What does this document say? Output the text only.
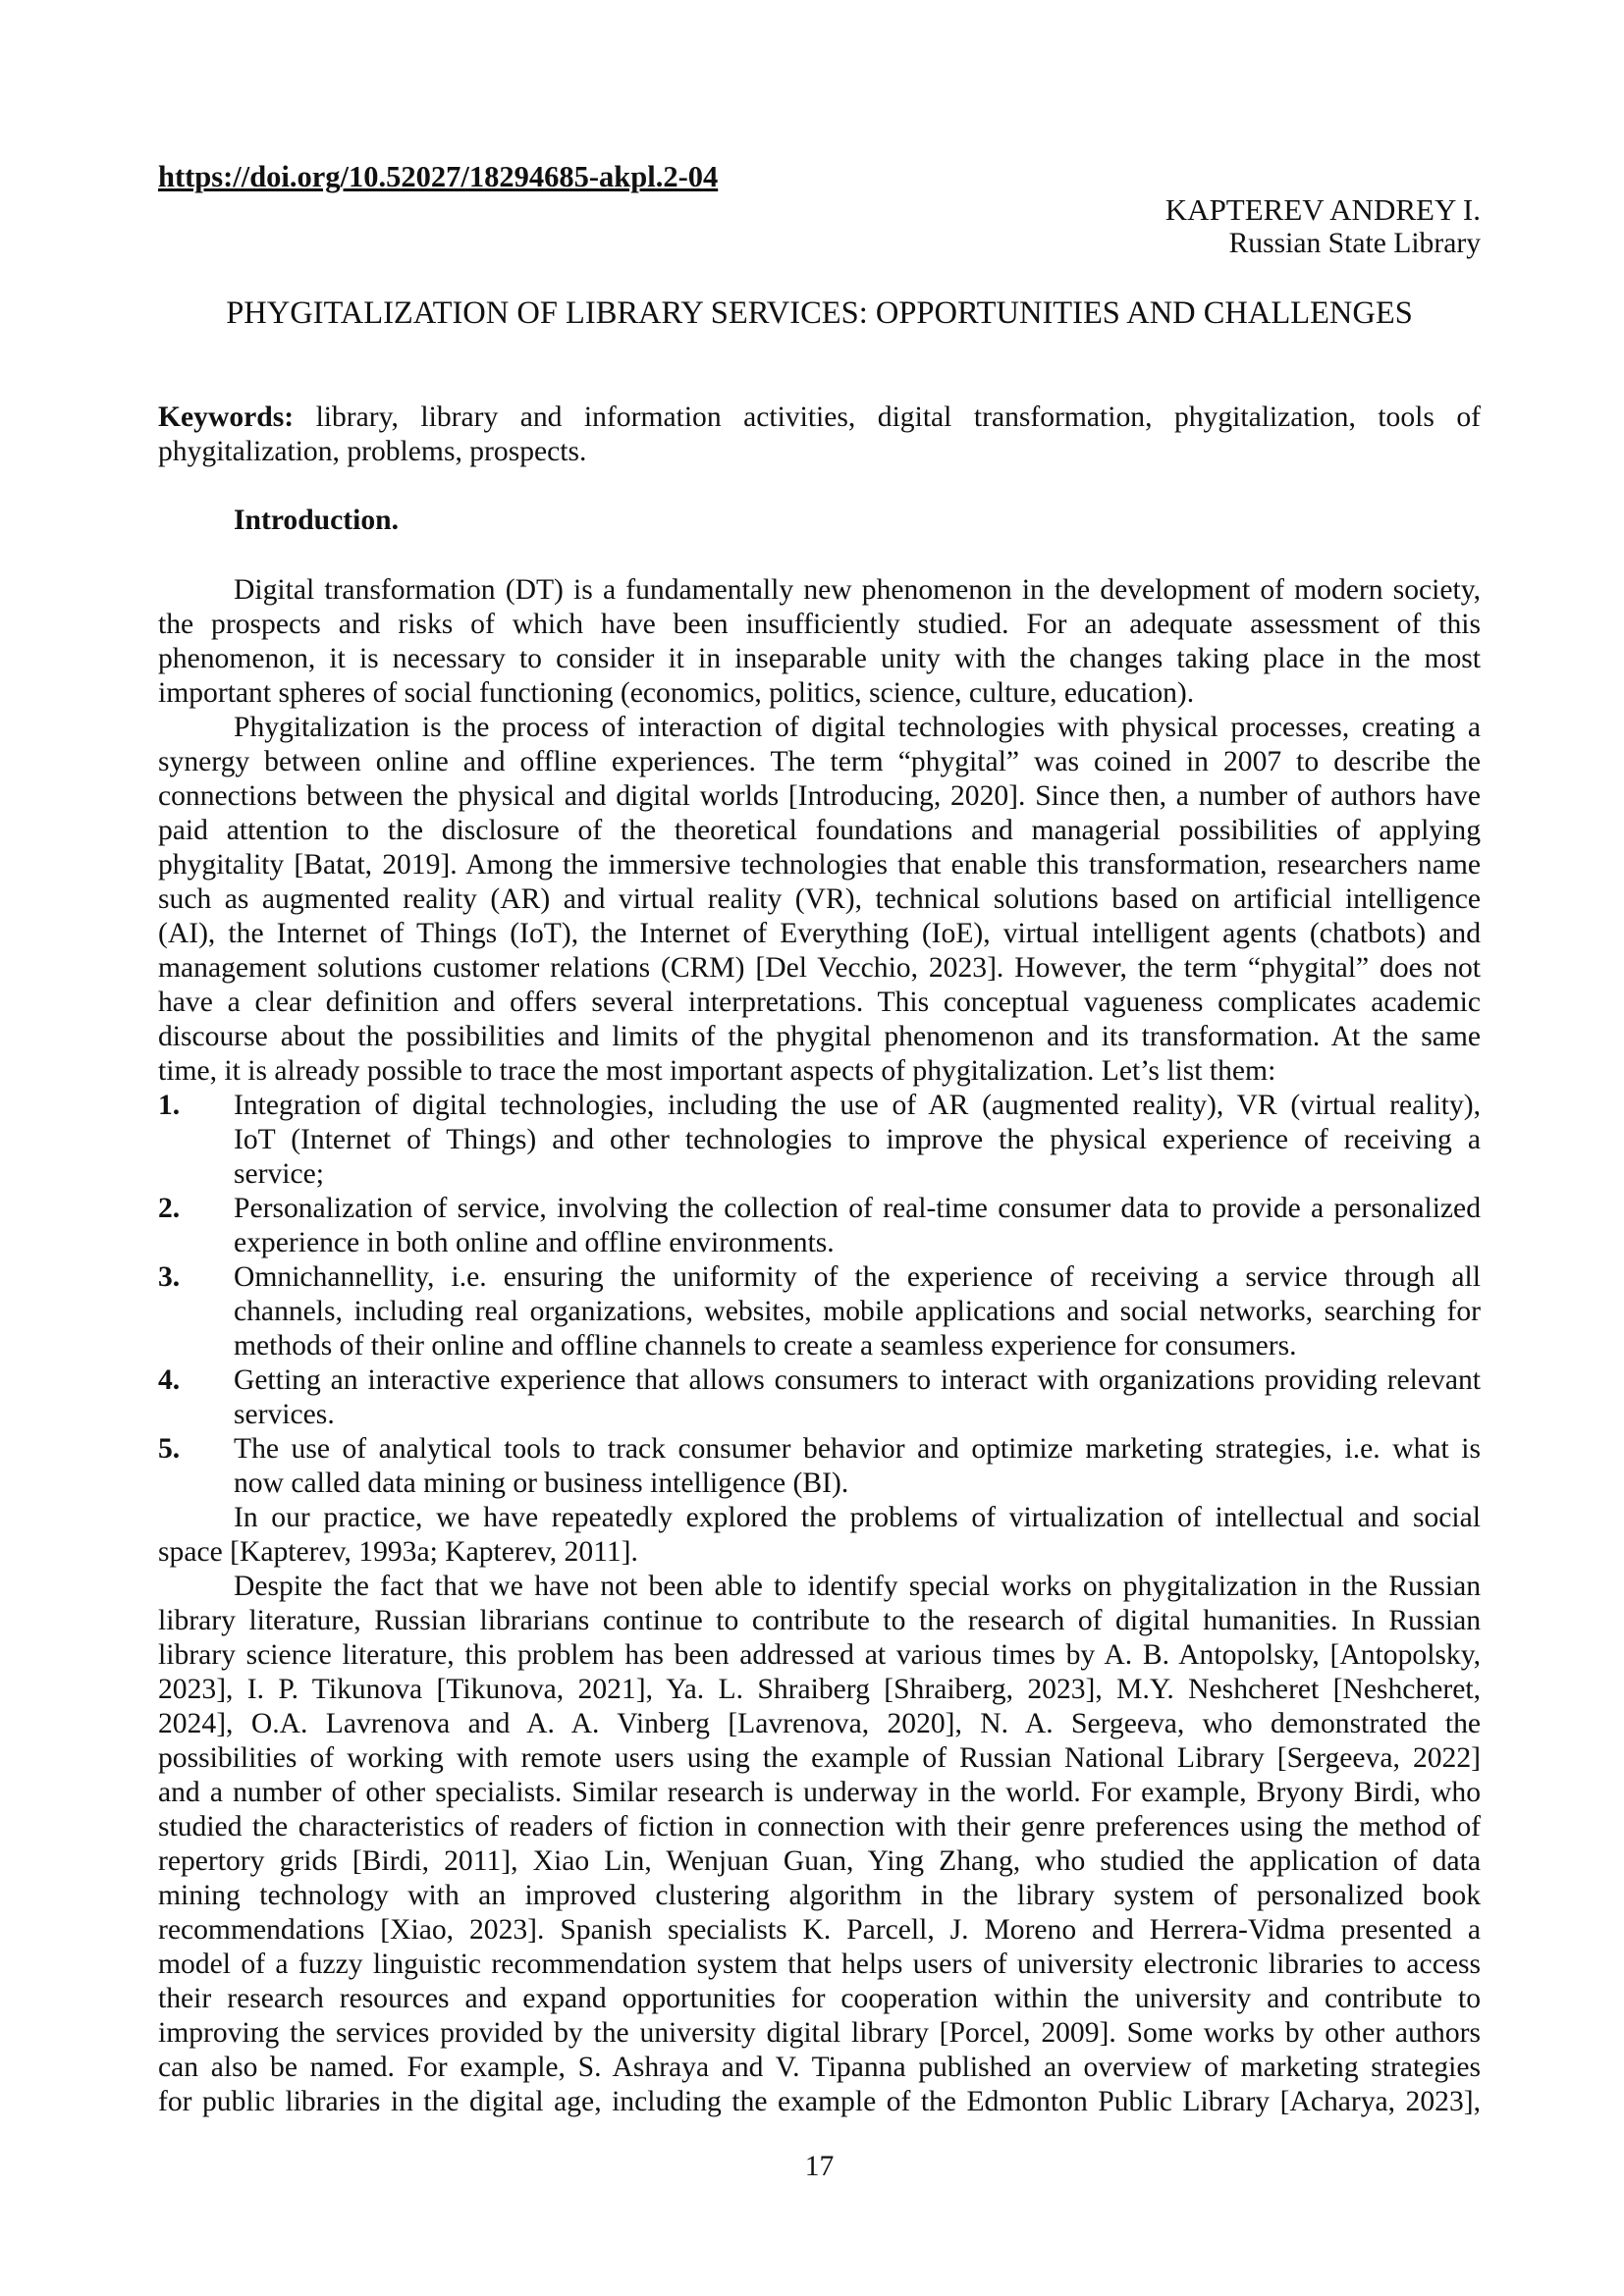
https://doi.org/10.52027/18294685-akpl.2-04
KAPTEREV ANDREY I.
Russian State Library
PHYGITALIZATION OF LIBRARY SERVICES: OPPORTUNITIES AND CHALLENGES
Keywords: library, library and information activities, digital transformation, phygitalization, tools of
phygitalization, problems, prospects.
Introduction.
Digital transformation (DT) is a fundamentally new phenomenon in the development of modern society,
the prospects and risks of which have been insufficiently studied. For an adequate assessment of this
phenomenon, it is necessary to consider it in inseparable unity with the changes taking place in the most
important spheres of social functioning (economics, politics, science, culture, education).
Phygitalization is the process of interaction of digital technologies with physical processes, creating a
synergy between online and offline experiences. The term “phygital” was coined in 2007 to describe the
connections between the physical and digital worlds [Introducing, 2020]. Since then, a number of authors have
paid attention to the disclosure of the theoretical foundations and managerial possibilities of applying
phygitality [Batat, 2019]. Among the immersive technologies that enable this transformation, researchers name
such as augmented reality (AR) and virtual reality (VR), technical solutions based on artificial intelligence
(AI), the Internet of Things (IoT), the Internet of Everything (IoE), virtual intelligent agents (chatbots) and
management solutions customer relations (CRM) [Del Vecchio, 2023]. However, the term “phygital” does not
have a clear definition and offers several interpretations. This conceptual vagueness complicates academic
discourse about the possibilities and limits of the phygital phenomenon and its transformation. At the same
time, it is already possible to trace the most important aspects of phygitalization. Let’s list them:
1.	Integration of digital technologies, including the use of AR (augmented reality), VR (virtual reality),
IoT (Internet of Things) and other technologies to improve the physical experience of receiving a
service;
2.	Personalization of service, involving the collection of real-time consumer data to provide a personalized
experience in both online and offline environments.
3.	Omnichannellity, i.e. ensuring the uniformity of the experience of receiving a service through all
channels, including real organizations, websites, mobile applications and social networks, searching for
methods of their online and offline channels to create a seamless experience for consumers.
4.	Getting an interactive experience that allows consumers to interact with organizations providing relevant
services.
5.	The use of analytical tools to track consumer behavior and optimize marketing strategies, i.e. what is
now called data mining or business intelligence (BI).
In our practice, we have repeatedly explored the problems of virtualization of intellectual and social
space [Kapterev, 1993a; Kapterev, 2011].
Despite the fact that we have not been able to identify special works on phygitalization in the Russian
library literature, Russian librarians continue to contribute to the research of digital humanities. In Russian
library science literature, this problem has been addressed at various times by A. B. Antopolsky, [Antopolsky,
2023], I. P. Tikunova [Tikunova, 2021], Ya. L. Shraiberg [Shraiberg, 2023], M.Y. Neshcheret [Neshcheret,
2024], O.A. Lavrenova and A. A. Vinberg [Lavrenova, 2020], N. A. Sergeeva, who demonstrated the
possibilities of working with remote users using the example of Russian National Library [Sergeeva, 2022]
and a number of other specialists. Similar research is underway in the world. For example, Bryony Birdi, who
studied the characteristics of readers of fiction in connection with their genre preferences using the method of
repertory grids [Birdi, 2011], Xiao Lin, Wenjuan Guan, Ying Zhang, who studied the application of data
mining technology with an improved clustering algorithm in the library system of personalized book
recommendations [Xiao, 2023]. Spanish specialists K. Parcell, J. Moreno and Herrera-Vidma presented a
model of a fuzzy linguistic recommendation system that helps users of university electronic libraries to access
their research resources and expand opportunities for cooperation within the university and contribute to
improving the services provided by the university digital library [Porcel, 2009]. Some works by other authors
can also be named. For example, S. Ashraya and V. Tipanna published an overview of marketing strategies
for public libraries in the digital age, including the example of the Edmonton Public Library [Acharya, 2023],
17
